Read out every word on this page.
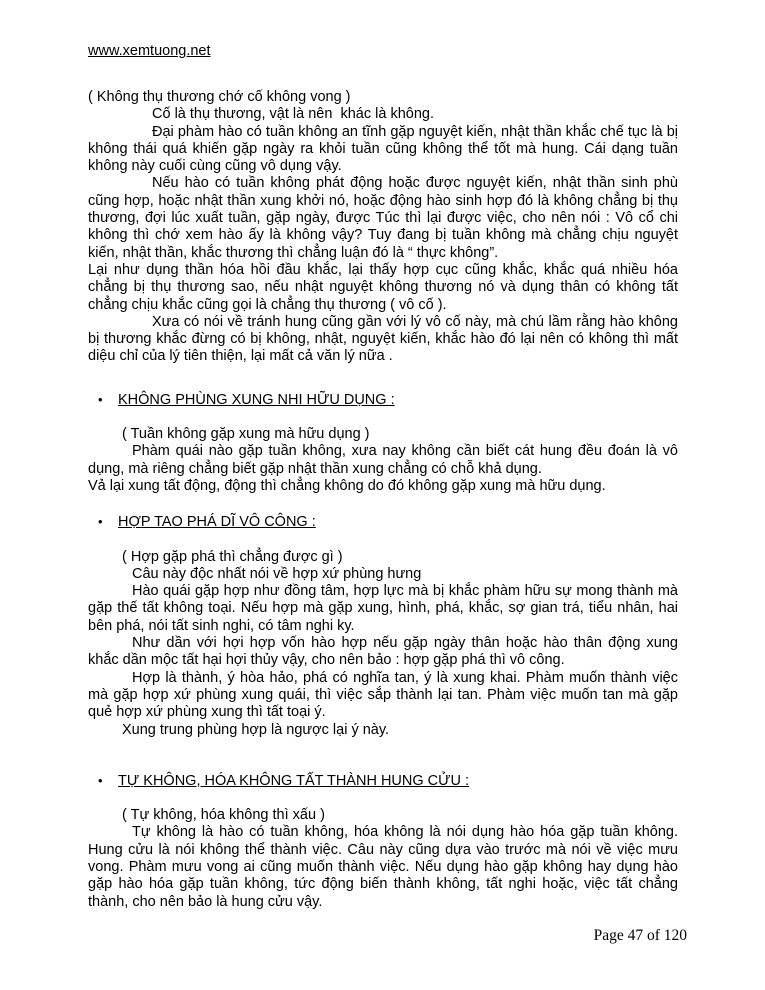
www.xemtuong.net

( Không thụ thương chớ cố không vong )

Cố là thụ thương, vật là nên  khác là không.

Đại phàm hào có tuần không an tĩnh gặp nguyệt kiến, nhật thần khắc chế tục là bị không thái quá khiến gặp ngày ra khỏi tuần cũng không thể tốt mà hung. Cái dạng tuần không này cuối cùng cũng vô dụng vậy.

Nếu hào có tuần không phát động hoặc được nguyệt kiến, nhật thần sinh phù cũng hợp, hoặc nhật thần xung khởi nó, hoặc động hào sinh hợp đó là không chẳng bị thụ thương, đợi lúc xuất tuần, gặp ngày, được Túc thì lại được việc, cho nên nói : Vô cổ chi không thì chớ xem hào ấy là không vậy? Tuy đang bị tuần không mà chẳng chịu nguyệt kiến, nhật thần, khắc thương thì chẳng luận đó là “ thực không”.

Lại như dụng thần hóa hồi đầu khắc, lại thấy hợp cục cũng khắc, khắc quá nhiều hóa chẳng bị thụ thương sao, nếu nhật nguyệt không thương nó và dụng thân có không tất chẳng chịu khắc cũng gọi là chẳng thụ thương ( vô cố ).

Xưa có nói về tránh hung cũng gần với lý vô cố này, mà chú lầm rằng hào không bị thương khắc đừng có bị không, nhật, nguyệt kiến, khắc hào đó lại nên có không thì mất diệu chỉ của lý tiên thiện, lại mất cả văn lý nữa .

•	KHÔNG PHÙNG XUNG NHI HỮU DỤNG :

( Tuần không gặp xung mà hữu dụng )

Phàm quái nào gặp tuần không, xưa nay không cần biết cát hung đều đoán là vô dụng, mà riêng chẳng biết gặp nhật thần xung chẳng có chỗ khả dụng.

Vả lại xung tất động, động thì chẳng không do đó không gặp xung mà hữu dụng.

•	HỢP TAO PHÁ DĨ VÔ CÔNG :

( Hợp gặp phá thì chẳng được gì )

Câu này độc nhất nói về hợp xứ phùng hưng

Hào quái gặp hợp như đồng tâm, hợp lực mà bị khắc phàm hữu sự mong thành mà gặp thế tất không toại. Nếu hợp mà gặp xung, hình, phá, khắc, sợ gian trá, tiểu nhân, hai bên phá, nói tất sinh nghi, có tâm nghi ky.

Như dần với hợi hợp vốn hào hợp nếu gặp ngày thân hoặc hào thân động xung khắc dần mộc tất hại hợi thủy vậy, cho nên bảo : hợp gặp phá thì vô công.

Hợp là thành, ý hòa hảo, phá có nghĩa tan, ý là xung khai. Phàm muốn thành việc mà gặp hợp xứ phùng xung quái, thì việc sắp thành lại tan. Phàm việc muốn tan mà gặp quẻ hợp xứ phùng xung thì tất toại ý.

Xung trung phùng hợp là ngược lại ý này.

•	TỰ KHÔNG, HÓA KHÔNG TẤT THÀNH HUNG CỬU :

( Tự không, hóa không thì xấu )

Tự không là hào có tuần không, hóa không là nói dụng hào hóa gặp tuần không. Hung cửu là nói không thể thành việc. Câu này cũng dựa vào trước mà nói về việc mưu vong. Phàm mưu vong ai cũng muốn thành việc. Nếu dụng hào gặp không hay dụng hào gặp hào hóa gặp tuần không, tức động biến thành không, tất nghi hoặc, việc tất chẳng thành, cho nên bảo là hung cửu vậy.

Page 47 of 120
